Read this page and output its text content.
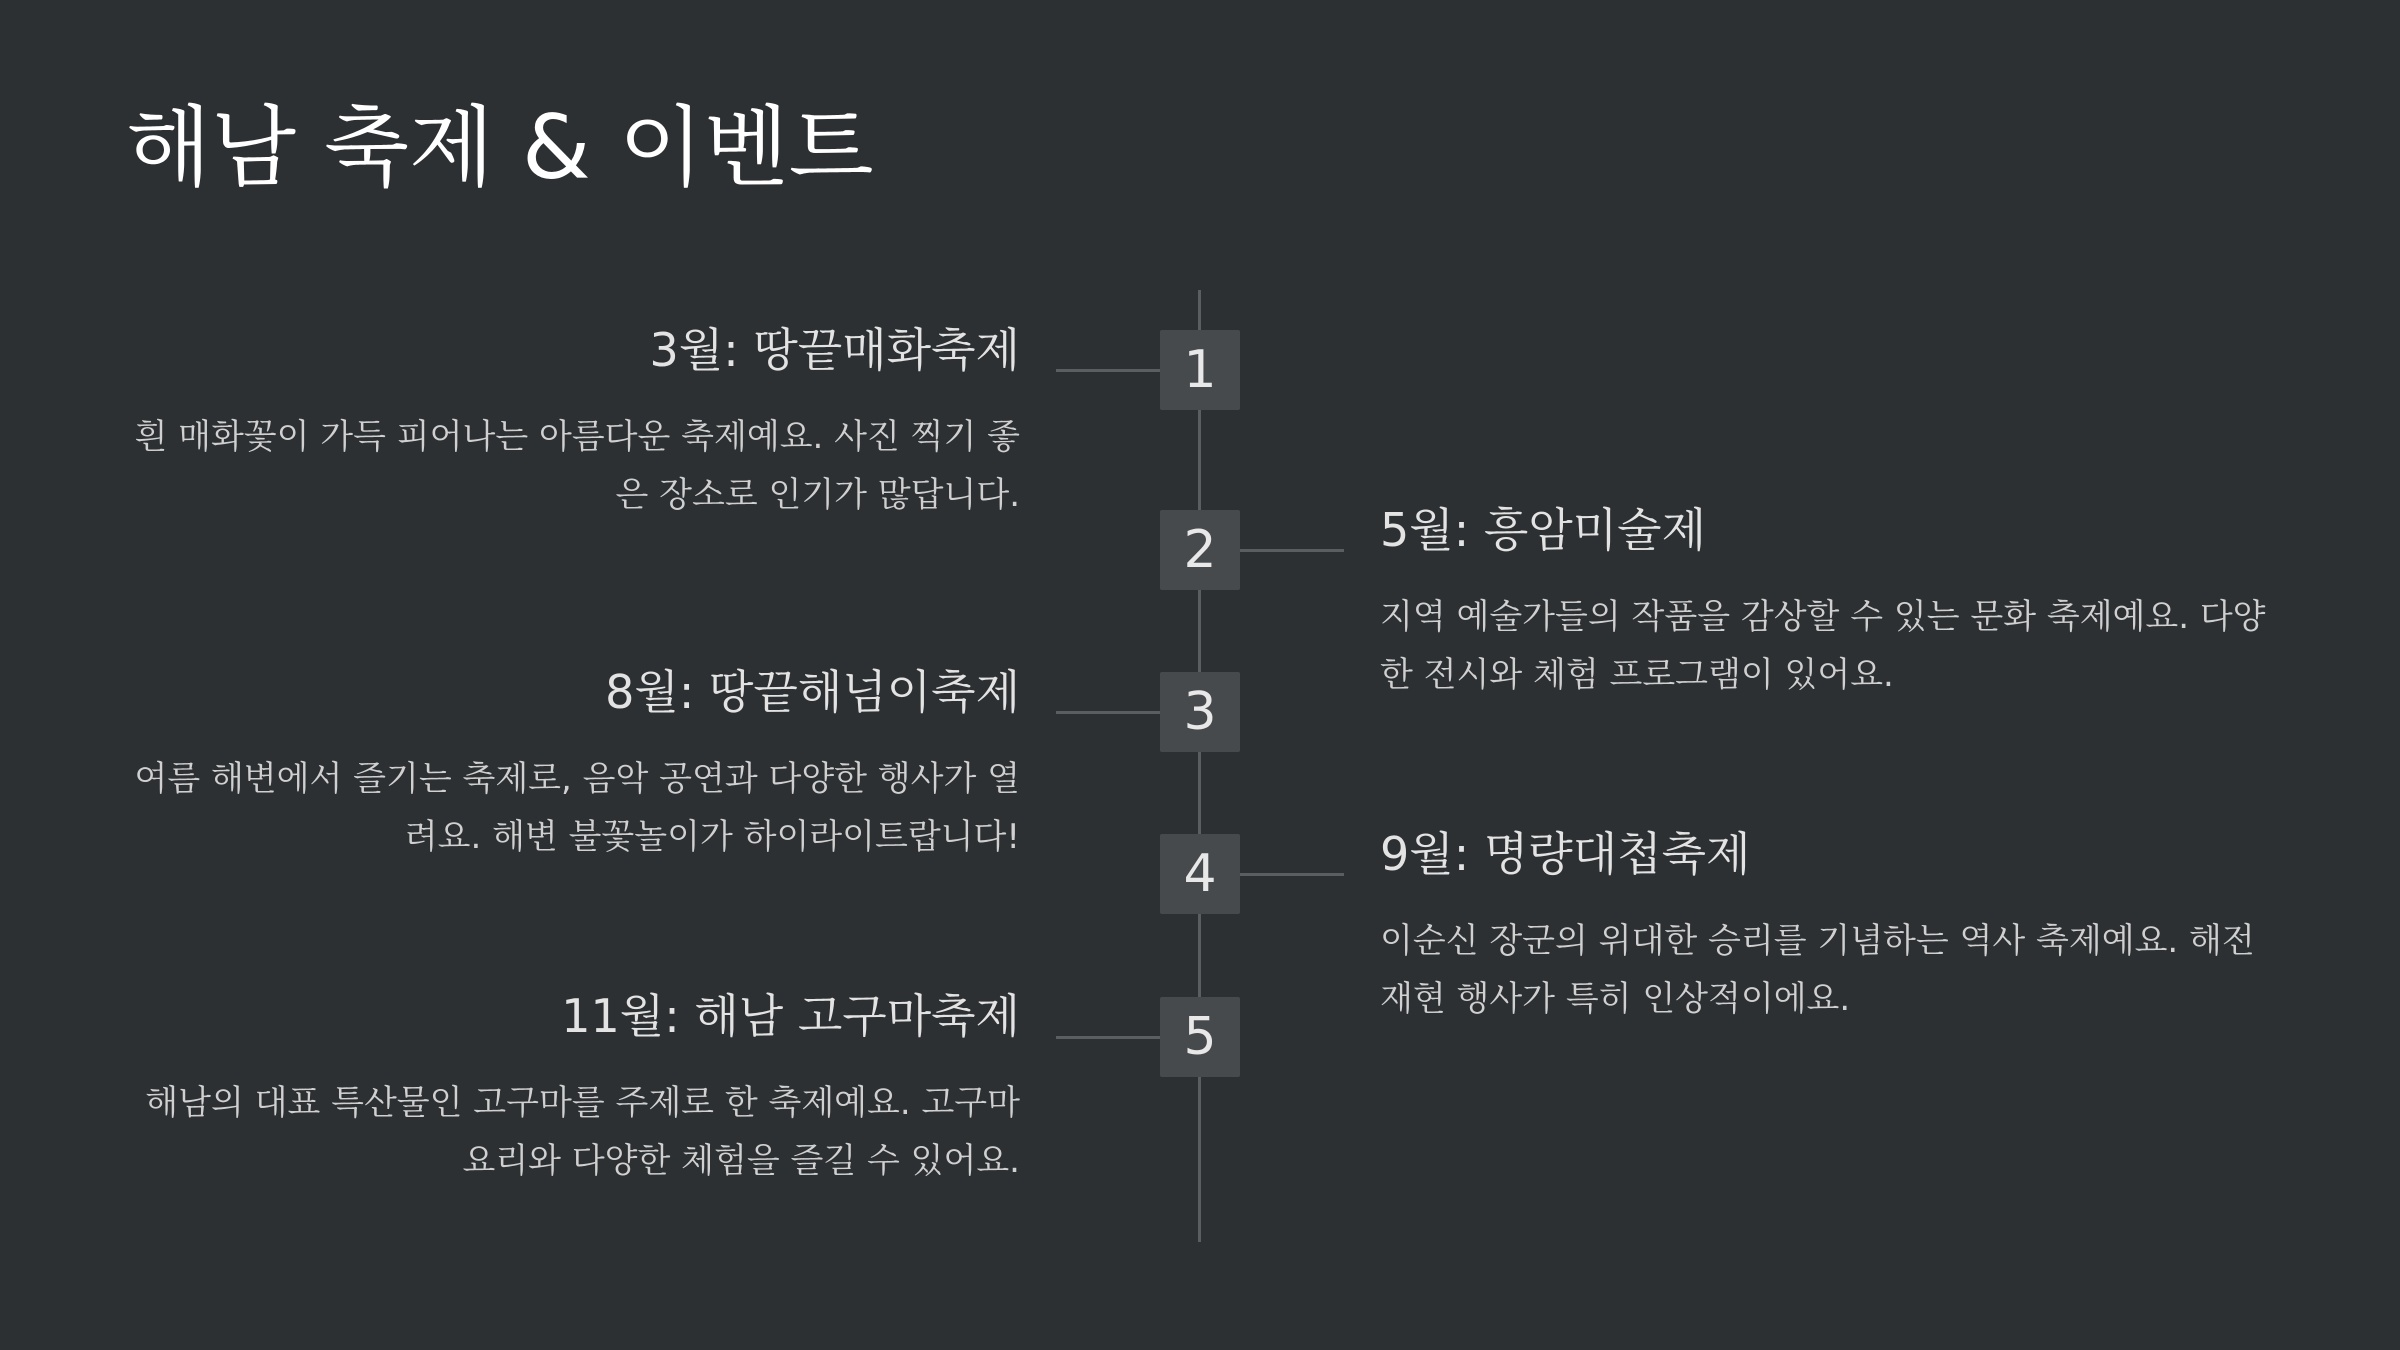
해남 축제 & 이벤트
1
3월: 땅끝매화축제

흰 매화꽃이 가득 피어나는 아름다운 축제예요. 사진 찍기 좋은 장소로 인기가 많답니다.

2	5월: 흥암미술제

지역 예술가들의 작품을 감상할 수 있는 문화 축제예요. 다양한 전시와 체험 프로그램이 있어요.

3
8월: 땅끝해넘이축제

여름 해변에서 즐기는 축제로, 음악 공연과 다양한 행사가 열려요. 해변 불꽃놀이가 하이라이트랍니다!

4	9월: 명량대첩축제

이순신 장군의 위대한 승리를 기념하는 역사 축제예요. 해전 재현 행사가 특히 인상적이에요.

5
11월: 해남 고구마축제

해남의 대표 특산물인 고구마를 주제로 한 축제예요. 고구마 요리와 다양한 체험을 즐길 수 있어요.
